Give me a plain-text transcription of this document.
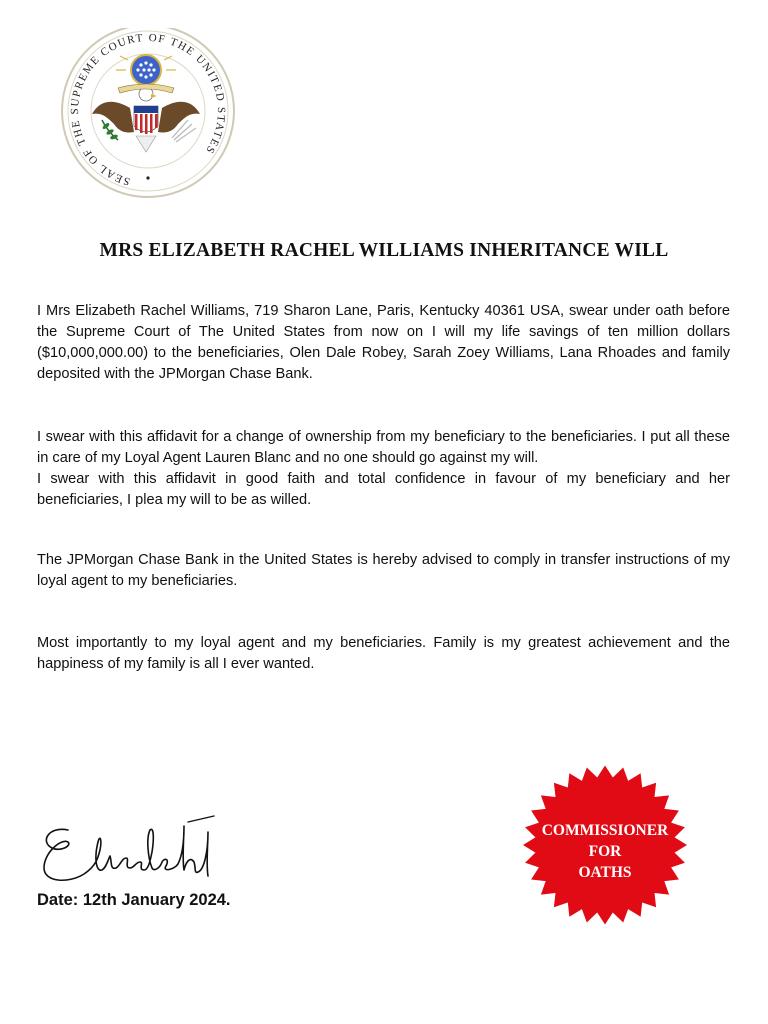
SEAL OF THE SUPREME COURT OF THE UNITED STATES
MRS ELIZABETH RACHEL WILLIAMS INHERITANCE WILL

I Mrs Elizabeth Rachel Williams, 719 Sharon Lane, Paris, Kentucky 40361 USA, swear under oath before the Supreme Court of The United States from now on I will my life savings of ten million dollars ($10,000,000.00) to the beneficiaries, Olen Dale Robey, Sarah Zoey Williams, Lana Rhoades and family deposited with the JPMorgan Chase Bank.

I swear with this affidavit for a change of ownership from my beneficiary to the beneficiaries. I put all these in care of my Loyal Agent Lauren Blanc and no one should go against my will.
I swear with this affidavit in good faith and total confidence in favour of my beneficiary and her beneficiaries, I plea my will to be as willed.

The JPMorgan Chase Bank in the United States is hereby advised to comply in transfer instructions of my loyal agent to my beneficiaries.

Most importantly to my loyal agent and my beneficiaries. Family is my greatest achievement and the happiness of my family is all I ever wanted.

Date: 12th January 2024.

COMMISSIONER
FOR
OATHS
